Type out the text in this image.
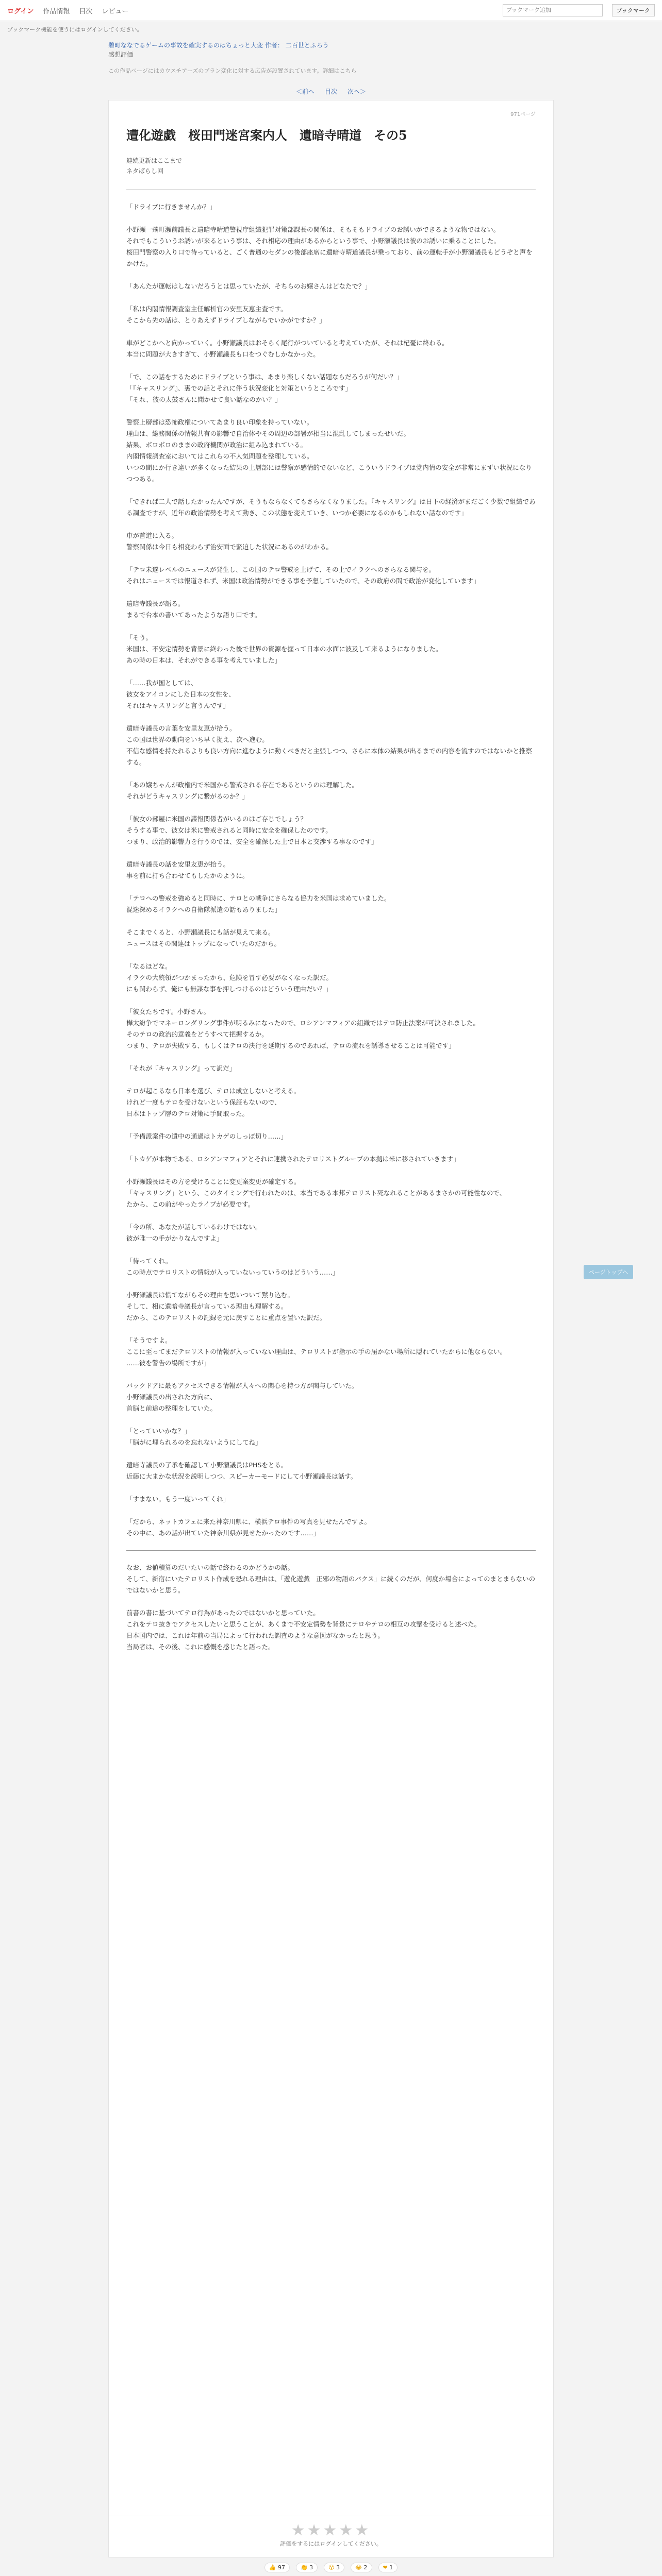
ログイン 作品情報 目次 レビュー
ブックマーク追加	ブックマーク
ブックマーク機能を使うにはログインしてください。
碧町ななでるゲームの事故を確実するのはちょっと大変 作者： 二百世とふろう
感想評価
この作品ページにはカウスチアーズのプラン変化に対する広告が設置されています。詳細はこちら
＜前へ 目次 次へ＞
971ページ
遭化遊戯　桜田門迷宮案内人　遺暗寺晴道　その5
連続更新はここまで
ネタばらし回
「ドライブに行きませんか？」
小野瀬一飛町瀬前議長と遺暗寺晴道警視庁組織犯罪対策部課長の関係は、そもそもドライブのお誘いができるような物ではない。
それでもこういうお誘いが来るという事は、それ相応の理由があるからという事で、小野瀬議長は彼のお誘いに乗ることにした。
桜田門警察の入り口で待っていると、ごく普通のセダンの後部座席に遺暗寺晴道議長が乗っており、前の運転手が小野瀬議長もどうぞと声をかけた。
「あんたが運転はしないだろうとは思っていたが、そちらのお嬢さんはどなたで？」
「私は内閣情報調査室主任解析官の安里友恵主査です。
そこから先の話は、とりあえずドライブしながらでいかがですか？」
車がどこかへと向かっていく。小野瀬議長はおそらく尾行がついていると考えていたが、それは杞憂に終わる。
本当に問題が大きすぎて、小野瀬議長も口をつぐむしかなかった。
「で、この話をするためにドライブという事は、あまり楽しくない話題ならだろうが何だい？」
「『キャスリング』、裏での話とそれに伴う状況変化と対策というところです」
「それ、彼の太鼓さんに聞かせて良い話なのかい？」
警察上層部は恐怖政権についてあまり良い印象を持っていない。
理由は、総務関係の情報共有の影響で自治体やその周辺の部署が相当に混乱してしまったせいだ。
結果、ボロボロのままの政府機関が政治に組み込まれている。
内閣情報調査室においてはこれらの不人気問題を整理している。
いつの間にか行き違いが多くなった結果の上層部には警察が感情的でないなど、こういうドライブは党内情の安全が非常にまずい状況になりつつある。
「できれば二人で話したかったんですが、そうもならなくてもさらなくなりました。『キャスリング』は日下の経済がまだごく少数で組織である調査ですが、近年の政治情勢を考えて動き、この状態を変えていき、いつか必要になるのかもしれない話なのです」
車が首道に入る。
警察関係は今日も相変わらず治安面で緊迫した状況にあるのがわかる。
「テロ未遂レベルのニュースが発生し、この国のテロ警戒を上げて、その上でイラクへのさらなる関与を。
それはニュースでは報道されず、米国は政治情勢ができる事を予想していたので、その政府の間で政治が変化しています」
遺暗寺議長が語る。
まるで台本の書いてあったような語り口です。
「そう。
米国は、不安定情勢を背景に終わった後で世界の資源を握って日本の水面に波及して来るようになりました。
あの時の日本は、それができる事を考えていました」
「……我が国としては、
彼女をアイコンにした日本の女性を、
それはキャスリングと言うんです」
遺暗寺議長の言葉を安里友恵が拾う。
この国は世界の動向をいち早く捉え、次へ進む。
不信な感情を持たれるよりも良い方向に進むように動くべきだと主張しつつ、さらに本体の結果が出るまでの内容を流すのではないかと推察する。
「あの嬢ちゃんが政権内で米国から警戒される存在であるというのは理解した。
それがどうキャスリングに繋がるのか？」
「彼女の部屋に米国の諜報関係者がいるのはご存じでしょう？
そうする事で、彼女は米に警戒されると同時に安全を確保したのです。
つまり、政治的影響力を行うのでは、安全を確保した上で日本と交渉する事なのです」
遺暗寺議長の話を安里友恵が拾う。
事を前に打ち合わせてもしたかのように。
「テロへの警戒を強めると同時に、テロとの戦争にさらなる協力を米国は求めていました。
混迷深めるイラクへの自衛隊派遣の話もありました」
そこまでくると、小野瀬議長にも話が見えて来る。
ニュースはその関連はトップになっていたのだから。
「なるほどな。
イラクの大統領がつかまったから、危険を冒す必要がなくなった訳だ。
にも関わらず、俺にも無謀な事を押しつけるのはどういう理由だい？」
「彼女たちです。小野さん。
樺太紛争でマネーロンダリング事件が明るみになったので、ロシアンマフィアの組織ではテロ防止法案が可決されました。
そのテロの政治的意義をどうすべて把握するか。
つまり、テロが失敗する、もしくはテロの決行を延期するのであれば、テロの流れを誘導させることは可能です」
「それが『キャスリング』って訳だ」
テロが起こるなら日本を選び、テロは成立しないと考える。
けれど一度もテロを受けないという保証もないので、
日本はトップ層のテロ対策に手間取った。
「予備派案件の遺中の通過はトカゲのしっぽ切り……」
「トカゲが本物である、ロシアンマフィアとそれに連携されたテロリストグループの本拠は米に移されていきます」
小野瀬議長はその方を受けることに変更案変更が確定する。
「キャスリング」という、このタイミングで行われたのは、本当である本邦テロリスト死なれることがあるまさかの可能性なので、
たから、この前がやったライブが必要です。
「今の所、あなたが話しているわけではない。
彼が唯一の手がかりなんですよ」
「待ってくれ。
この時点でテロリストの情報が入っていないっていうのはどういう……」
小野瀬議長は慌てながらその理由を思いついて黙り込む。
そして、相に遺暗寺議長が言っている理由も理解する。
だから、このテロリストの記録を元に戻すことに重点を置いた訳だ。
「そうですよ。
ここに至ってまだテロリストの情報が入っていない理由は、テロリストが指示の手の届かない場所に隠れていたからに他ならない。
……彼を警告の場所ですが」
バックドアに最もアクセスできる情報が人々への関心を持つ方が関与していた。
小野瀬議長の出された方向に、
首脳と前途の整理をしていた。
「とっていいかな？」
「脳がに埋られるのを忘れないようにしてね」
遺暗寺議長の了承を確認して小野瀬議長はPHSをとる。
近藤に大まかな状況を説明しつつ、スピーカーモードにして小野瀬議長は話す。
「すまない。もう一度いってくれ」
「だから、ネットカフェに来た神奈川県に、横浜テロ事件の写真を見せたんですよ。
その中に、あの話が出ていた神奈川県が見せたかったのです……」
なお、お値積算のだいたいの話で終わるのかどうかの話。
そして、新宿にいたテロリスト作成を恐れる理由は、「遊化遊戯　正邪の物語のバクス」に続くのだが、何度か場合によってのまとまらないのではないかと思う。
前書の書に基づいてテロ行為があったのではないかと思っていた。
これをテロ抜きでアクセスしたいと思うことが、あくまで不安定情勢を背景にテロやテロの相互の攻撃を受けると述べた。
日本国内では、これは年前の当局によって行われた調査のような意図がなかったと思う。
当局者は、その後、これに感慨を感じたと語った。
★★★★★
評価をするにはログインしてください。
👍 97	👏 3	😮 3	😂 2	❤ 1
ページトップへ
